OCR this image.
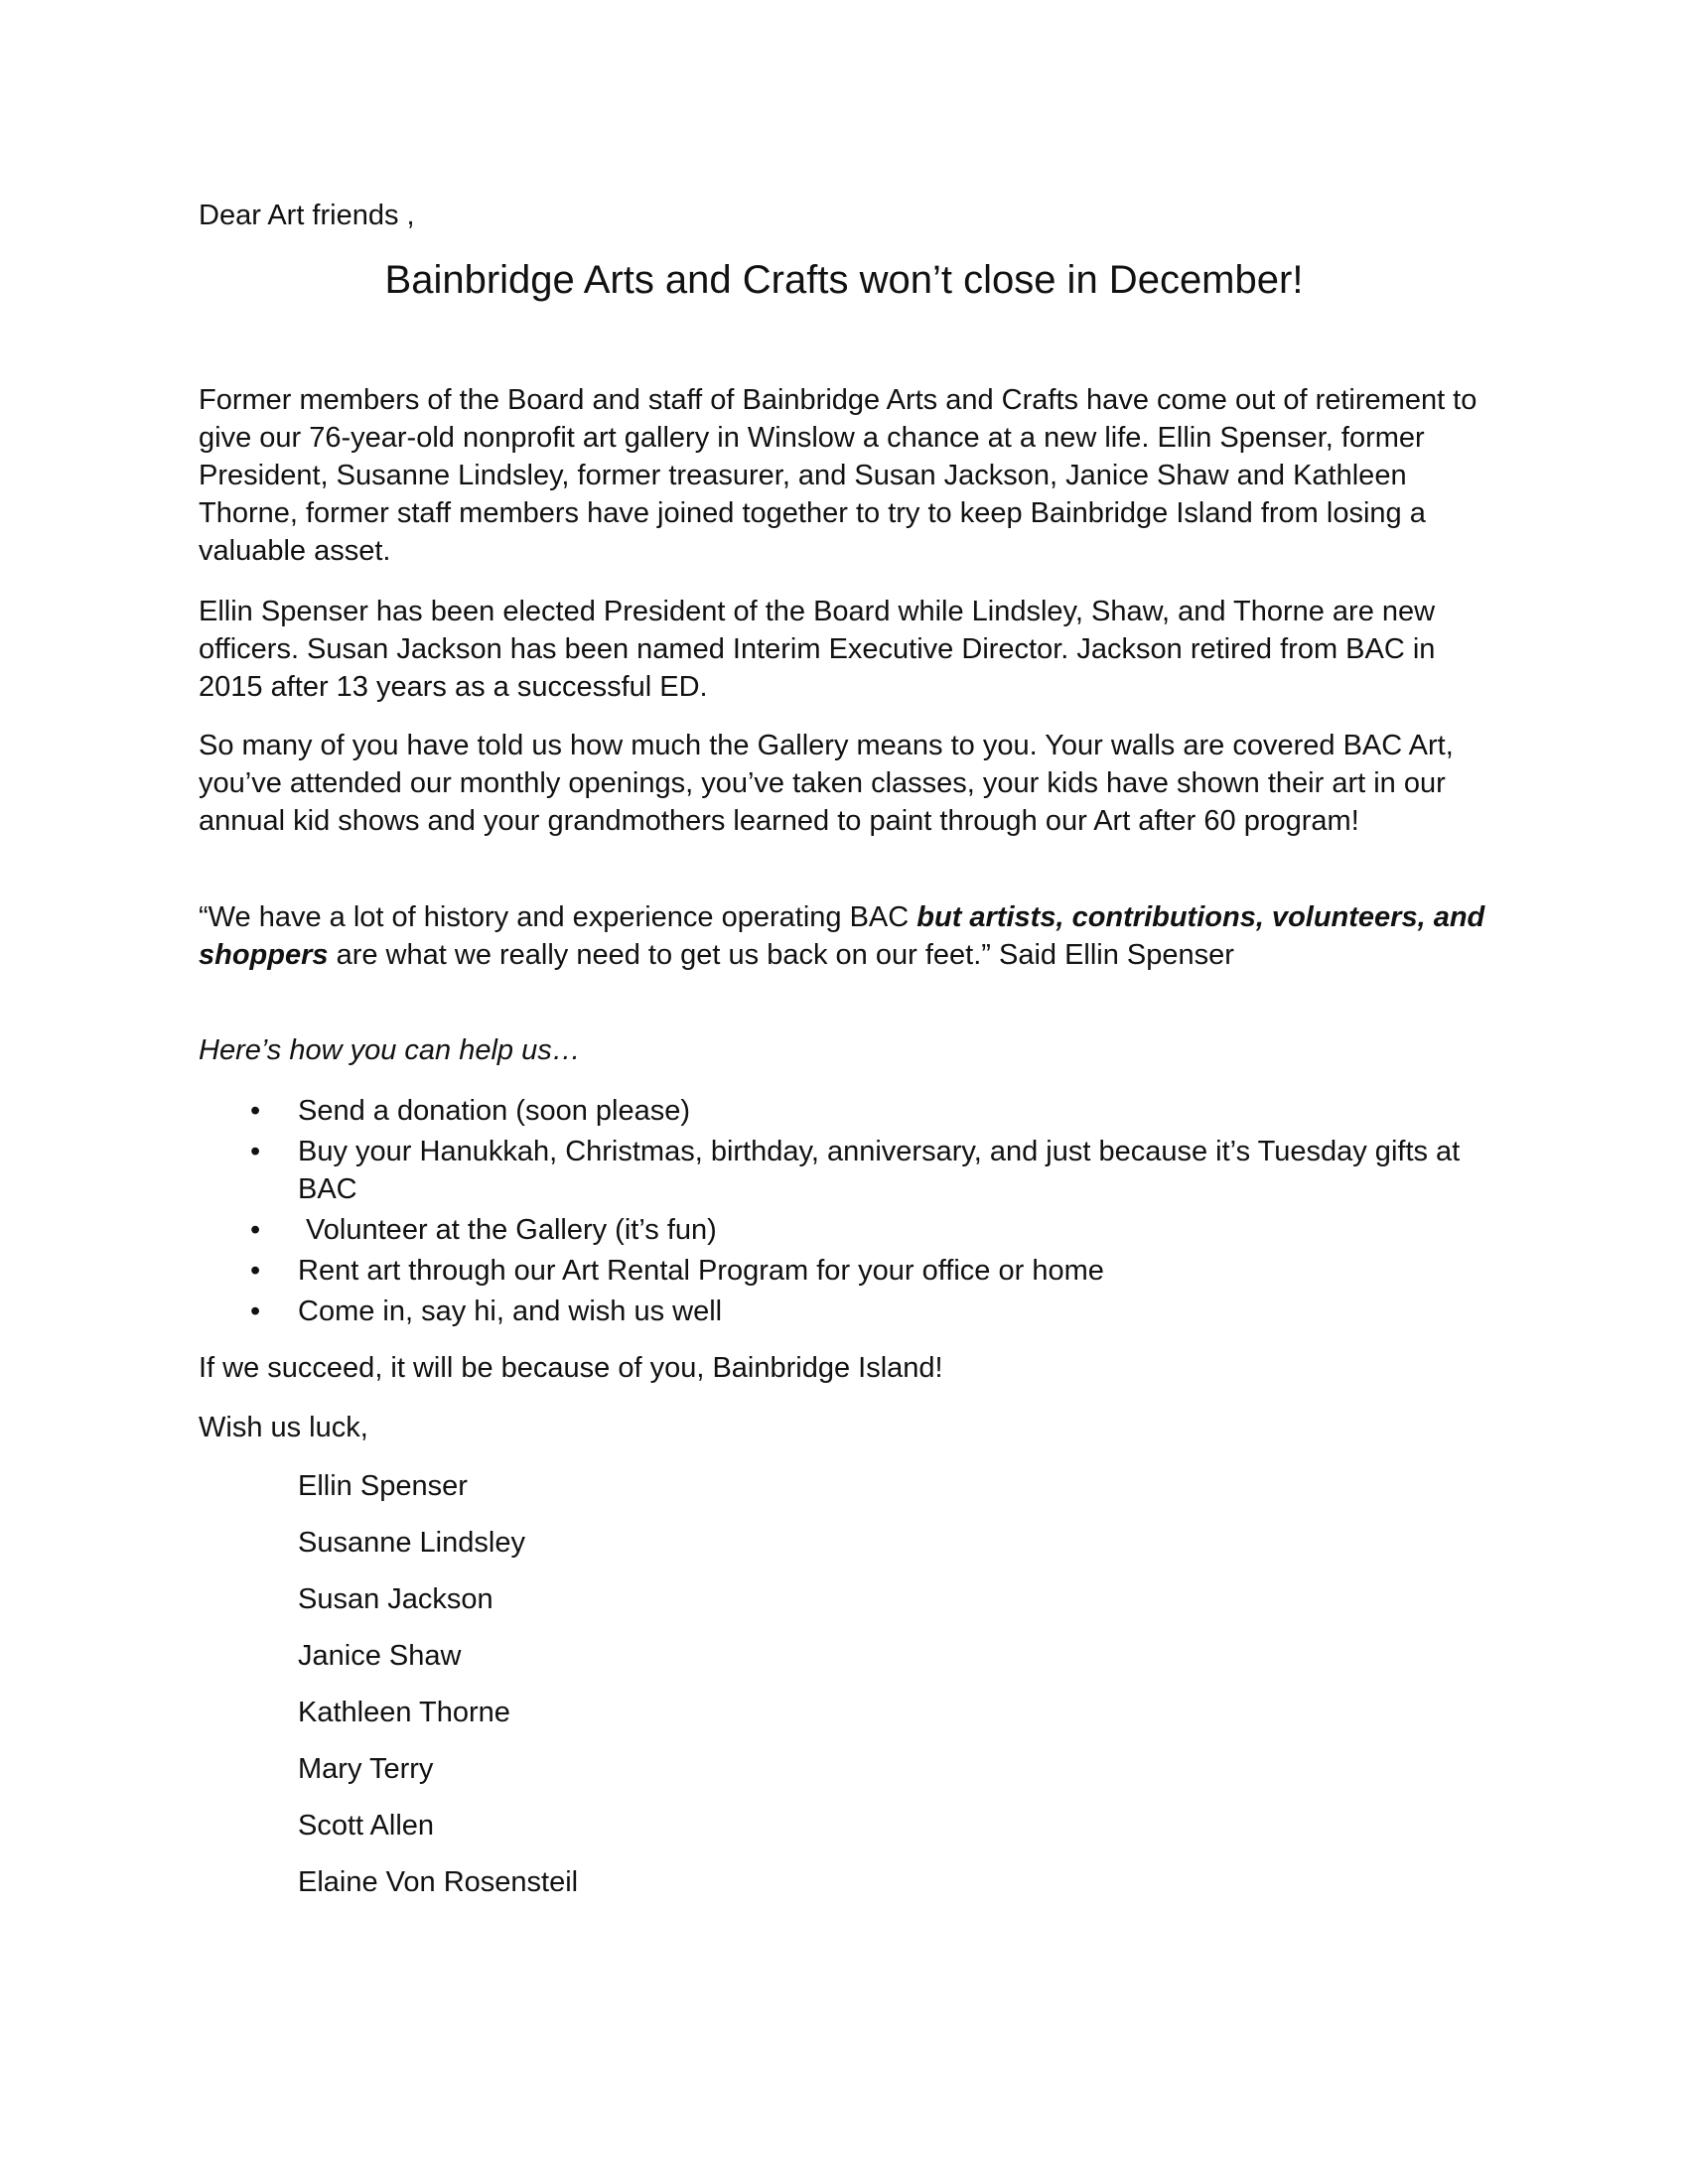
Dear Art friends ,

Bainbridge Arts and Crafts won’t close in December!

Former members of the Board and staff of Bainbridge Arts and Crafts have come out of retirement to give our 76-year-old nonprofit art gallery in Winslow a chance at a new life. Ellin Spenser, former President, Susanne Lindsley, former treasurer, and Susan Jackson, Janice Shaw and Kathleen Thorne, former staff members have joined together to try to keep Bainbridge Island from losing a valuable asset.

Ellin Spenser has been elected President of the Board while Lindsley, Shaw, and Thorne are new officers. Susan Jackson has been named Interim Executive Director. Jackson retired from BAC in 2015 after 13 years as a successful ED.

So many of you have told us how much the Gallery means to you. Your walls are covered BAC Art, you’ve attended our monthly openings, you’ve taken classes, your kids have shown their art in our annual kid shows and your grandmothers learned to paint through our Art after 60 program!

“We have a lot of history and experience operating BAC but artists, contributions, volunteers, and shoppers are what we really need to get us back on our feet.” Said Ellin Spenser

Here’s how you can help us…

• Send a donation (soon please)
• Buy your Hanukkah, Christmas, birthday, anniversary, and just because it’s Tuesday gifts at BAC
• Volunteer at the Gallery (it’s fun)
• Rent art through our Art Rental Program for your office or home
• Come in, say hi, and wish us well

If we succeed, it will be because of you, Bainbridge Island!

Wish us luck,

Ellin Spenser
Susanne Lindsley
Susan Jackson
Janice Shaw
Kathleen Thorne
Mary Terry
Scott Allen
Elaine Von Rosensteil
